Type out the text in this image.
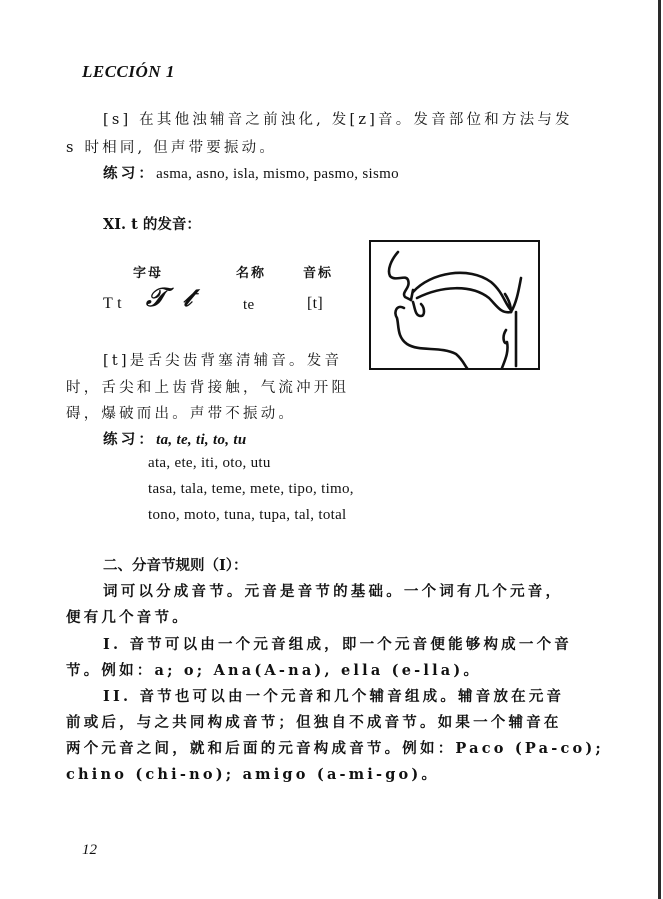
LECCIÓN 1
[s] 在其他浊辅音之前浊化, 发[z]音。发音部位和方法与发
s 时相同, 但声带要振动。
练习：asma, asno, isla, mismo, pasmo, sismo
XI. t 的发音：
字母	名称	音标
T t 𝒯 𝓉	te	[t]
[t]是舌尖齿背塞清辅音。发音
时，舌尖和上齿背接触，气流冲开阻
碍，爆破而出。声带不振动。
练习：ta, te, ti, to, tu
ata, ete, iti, oto, utu
tasa, tala, teme, mete, tipo, timo,
tono, moto, tuna, tupa, tal, total
二、分音节规则（I）：
词可以分成音节。元音是音节的基础。一个词有几个元音，
便有几个音节。
I. 音节可以由一个元音组成，即一个元音便能够构成一个音
节。例如：a; o; Ana(A-na), ella (e-lla)。
II. 音节也可以由一个元音和几个辅音组成。辅音放在元音
前或后，与之共同构成音节；但独自不成音节。如果一个辅音在
两个元音之间，就和后面的元音构成音节。例如：Paco (Pa-co);
chino (chi-no); amigo (a-mi-go)。
12
